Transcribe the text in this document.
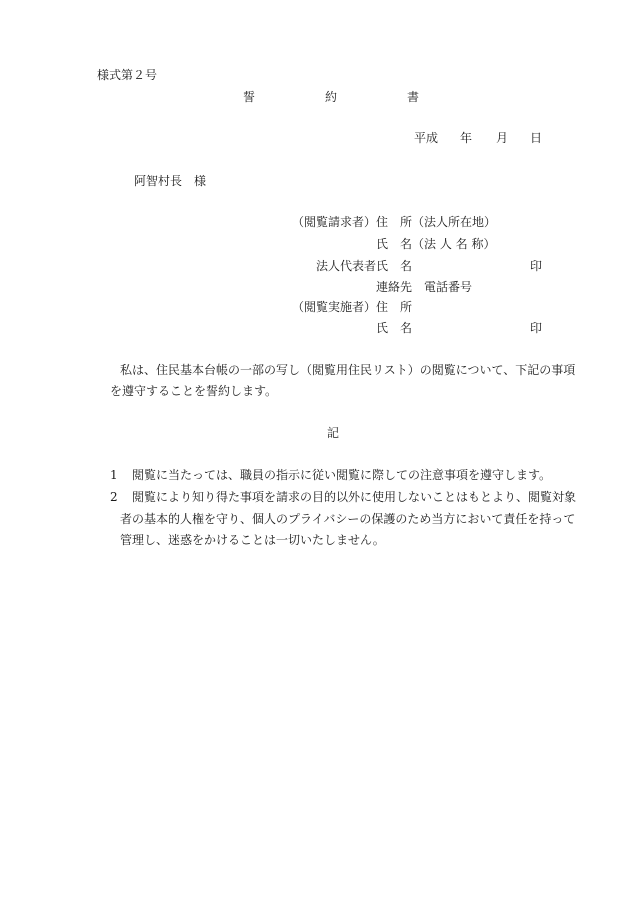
様式第２号
誓	約	書
平成 年 月 日
阿智村長　様
（閲覧請求者） 住　所（法人所在地）
氏　名（法 人 名 称）
法人代表者 氏　名	印
連絡先　電話番号
（閲覧実施者） 住　所
氏　名	印
私は、住民基本台帳の一部の写し（閲覧用住民リスト）の閲覧について、下記の事項
を遵守することを誓約します。
記
1 閲覧に当たっては、職員の指示に従い閲覧に際しての注意事項を遵守します。
2 閲覧により知り得た事項を請求の目的以外に使用しないことはもとより、閲覧対象
者の基本的人権を守り、個人のプライバシーの保護のため当方において責任を持って
管理し、迷惑をかけることは一切いたしません。
